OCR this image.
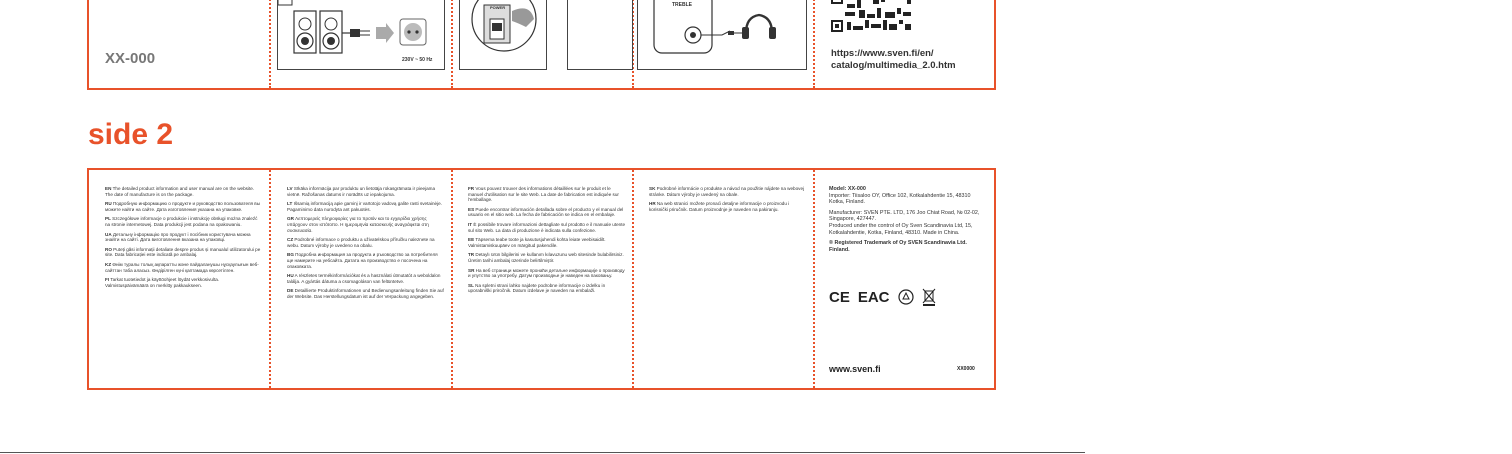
XX-000	230V ~ 50 Hz
POWER	TREBLE
https://www.sven.fi/en/
catalog/multimedia_2.0.htm
side 2

EN The detailed product information and user manual are on the website. The date of manufacture is on the package.

RU Подробную информацию о продукте и руководство пользователя вы можете найти на сайте. Дата изготовления указана на упаковке.

PL Szczegółowe informacje o produkcie i instrukcję obsługi można znaleźć na stronie internetowej. Data produkcji jest podana na opakowaniu.

UA Детальну інформацію про продукт і посібник користувача можна знайти на сайті. Дата виготовлення вказана на упаковці.

RO Puteți găsi informații detaliate despre produs și manualul utilizatorului pe site. Data fabricației este indicată pe ambalaj.

KZ Өнім туралы толық ақпаратты және пайдаланушы нұсқаулығын веб-сайттан таба аласыз. Өндірілген күні қаптамада көрсетілген.

FI Tarkat tuotetiedot ja käyttöohjeet löydät verkkosivulta. Valmistuspäivämäärä on merkitty pakkaukseen.

LV Sīkāka informācija par produktu un lietotāja rokasgrāmata ir pieejama vietnē. Ražošanas datums ir norādīts uz iepakojuma.

LT Išsamią informaciją apie gaminį ir vartotojo vadovą galite rasti svetainėje. Pagaminimo data nurodyta ant pakuotės.

GR Λεπτομερείς πληροφορίες για το προϊόν και το εγχειρίδιο χρήσης υπάρχουν στον ιστότοπο. Η ημερομηνία κατασκευής αναγράφεται στη συσκευασία.

CZ Podrobné informace o produktu a uživatelskou příručku naleznete na webu. Datum výroby je uvedeno na obalu.

BG Подробна информация за продукта и ръководство за потребителя ще намерите на уебсайта. Датата на производство е посочена на опаковката.

HU A részletes termékinformációkat és a használati útmutatót a weboldalon találja. A gyártás dátuma a csomagoláson van feltüntetve.

DE Detaillierte Produktinformationen und Bedienungsanleitung finden Sie auf der Website. Das Herstellungsdatum ist auf der Verpackung angegeben.

FR Vous pouvez trouver des informations détaillées sur le produit et le manuel d'utilisation sur le site Web. La date de fabrication est indiquée sur l'emballage.

ES Puede encontrar información detallada sobre el producto y el manual del usuario en el sitio web. La fecha de fabricación se indica en el embalaje.

IT È possibile trovare informazioni dettagliate sul prodotto e il manuale utente sul sito Web. La data di produzione è indicata sulla confezione.

EE Täpsema teabe toote ja kasutusjuhendi kohta leiate veebisaidilt. Valmistamiskuupäev on märgitud pakendile.

TR Detaylı ürün bilgilerini ve kullanım kılavuzunu web sitesinde bulabilirsiniz. Üretim tarihi ambalaj üzerinde belirtilmiştir.

SR На веб страници можете пронаћи детаљне информације о производу и упутство за употребу. Датум производње је наведен на паковању.

SL Na spletni strani lahko najdete podrobne informacije o izdelku in uporabniški priročnik. Datum izdelave je naveden na embalaži.

SK Podrobné informácie o produkte a návod na použitie nájdete na webovej stránke. Dátum výroby je uvedený na obale.

HR Na web stranici možete pronaći detaljne informacije o proizvodu i korisnički priručnik. Datum proizvodnje je naveden na pakiranju.

Model: XX-000
Importer: Tiisaloo OY, Office 102, Kotkalahdentie 15, 48310 Kotka, Finland.

Manufacturer: SVEN PTE. LTD, 176 Joo Chiat Road, № 02-02, Singapore, 427447.
Produced under the control of Oy Sven Scandinavia Ltd, 15, Kotkalahdentie, Kotka, Finland, 48310. Made in China.

® Registered Trademark of Oy SVEN Scandinavia Ltd. Finland.

CE EAC
www.sven.fi	XX0000
